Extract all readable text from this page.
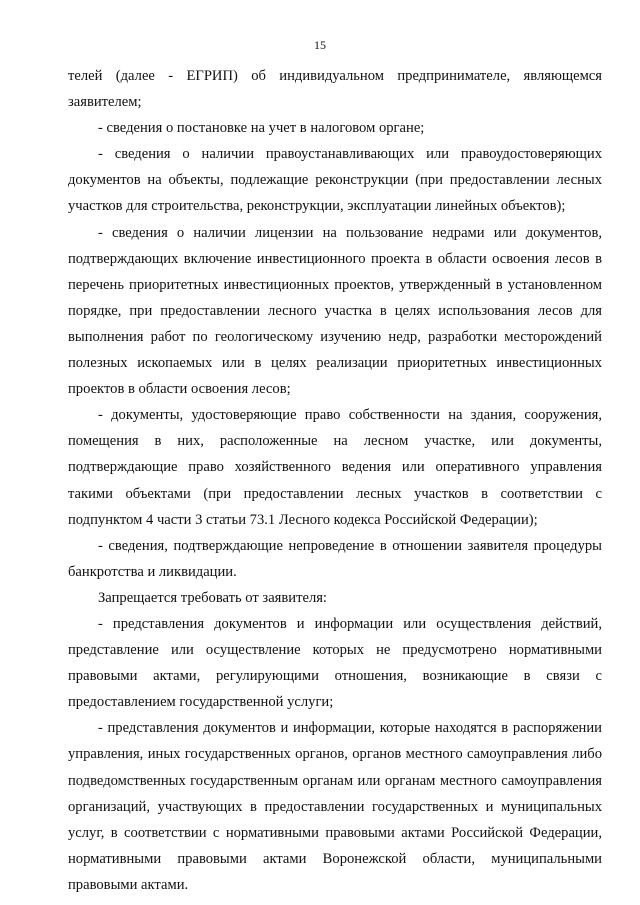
15

телей (далее - ЕГРИП) об индивидуальном предпринимателе, являющемся заявителем;

- сведения о постановке на учет в налоговом органе;

- сведения о наличии правоустанавливающих или правоудостоверяющих документов на объекты, подлежащие реконструкции (при предоставлении лесных участков для строительства, реконструкции, эксплуатации линейных объектов);

- сведения о наличии лицензии на пользование недрами или документов, подтверждающих включение инвестиционного проекта в области освоения лесов в перечень приоритетных инвестиционных проектов, утвержденный в установленном порядке, при предоставлении лесного участка в целях использования лесов для выполнения работ по геологическому изучению недр, разработки месторождений полезных ископаемых или в целях реализации приоритетных инвестиционных проектов в области освоения лесов;

- документы, удостоверяющие право собственности на здания, сооружения, помещения в них, расположенные на лесном участке, или документы, подтверждающие право хозяйственного ведения или оперативного управления такими объектами (при предоставлении лесных участков в соответствии с подпунктом 4 части 3 статьи 73.1 Лесного кодекса Российской Федерации);

- сведения, подтверждающие непроведение в отношении заявителя процедуры банкротства и ликвидации.

Запрещается требовать от заявителя:

- представления документов и информации или осуществления действий, представление или осуществление которых не предусмотрено нормативными правовыми актами, регулирующими отношения, возникающие в связи с предоставлением государственной услуги;

- представления документов и информации, которые находятся в распоряжении управления, иных государственных органов, органов местного самоуправления либо подведомственных государственным органам или органам местного самоуправления организаций, участвующих в предоставлении государственных и муниципальных услуг, в соответствии с нормативными правовыми актами Российской Федерации, нормативными правовыми актами Воронежской области, муниципальными правовыми актами.
